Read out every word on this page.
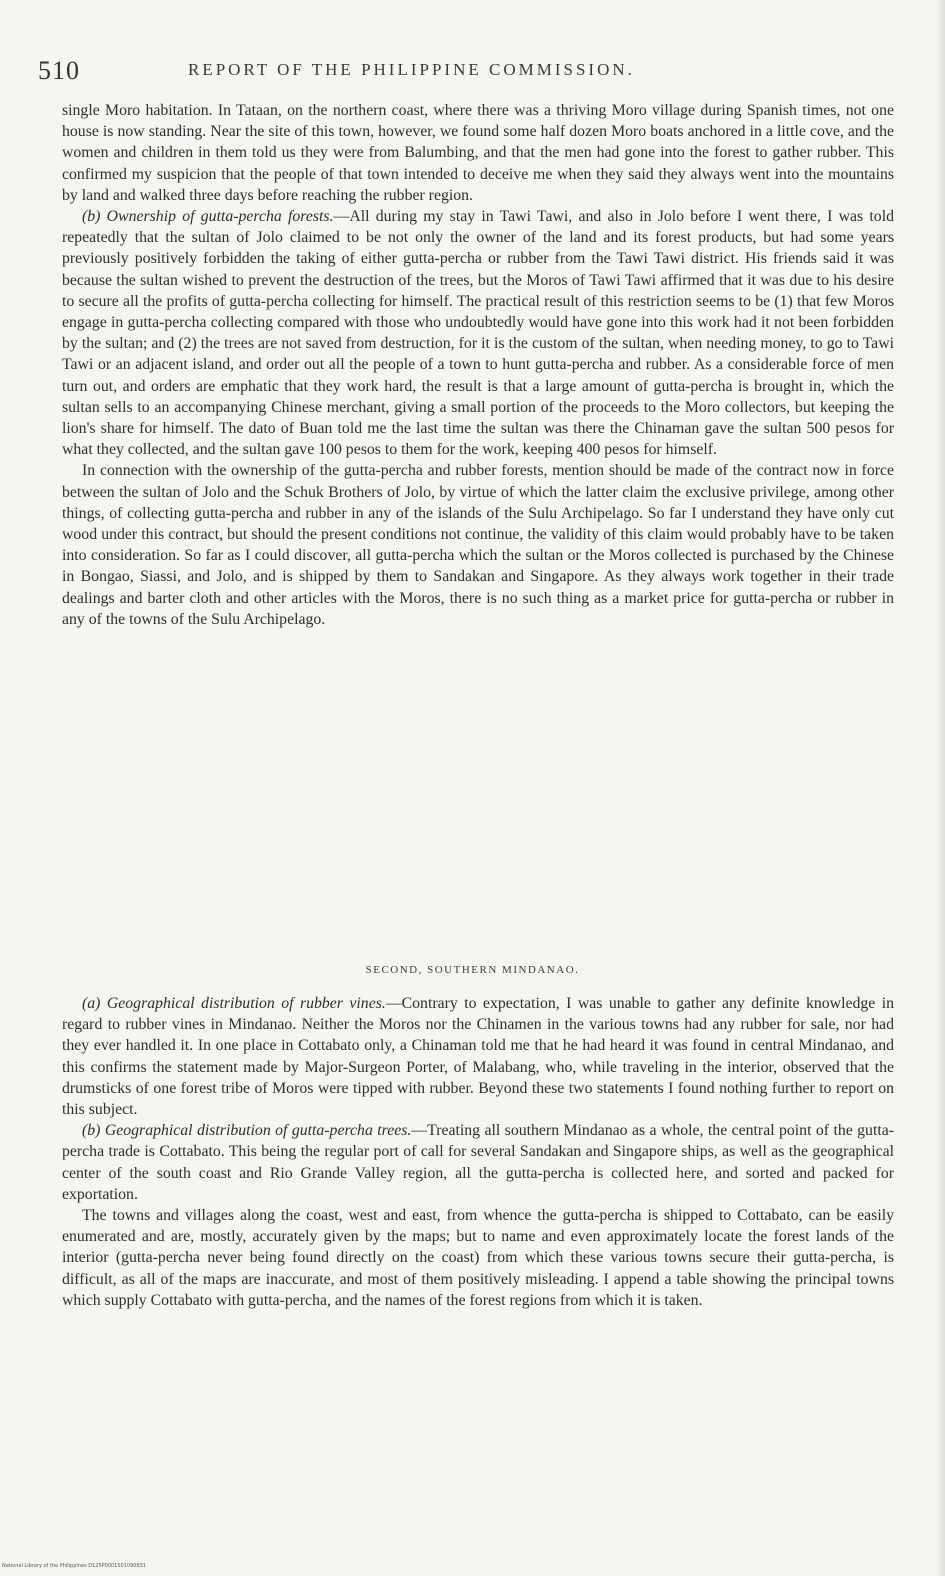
510	REPORT OF THE PHILIPPINE COMMISSION.

single Moro habitation. In Tataan, on the northern coast, where there was a thriving Moro village during Spanish times, not one house is now standing. Near the site of this town, however, we found some half dozen Moro boats anchored in a little cove, and the women and children in them told us they were from Balumbing, and that the men had gone into the forest to gather rubber. This confirmed my suspicion that the people of that town intended to deceive me when they said they always went into the mountains by land and walked three days before reaching the rubber region.

(b) Ownership of gutta-percha forests.—All during my stay in Tawi Tawi, and also in Jolo before I went there, I was told repeatedly that the sultan of Jolo claimed to be not only the owner of the land and its forest products, but had some years previously positively forbidden the taking of either gutta-percha or rubber from the Tawi Tawi district. His friends said it was because the sultan wished to prevent the destruction of the trees, but the Moros of Tawi Tawi affirmed that it was due to his desire to secure all the profits of gutta-percha collecting for himself. The practical result of this restriction seems to be (1) that few Moros engage in gutta-percha collecting compared with those who undoubtedly would have gone into this work had it not been forbidden by the sultan; and (2) the trees are not saved from destruction, for it is the custom of the sultan, when needing money, to go to Tawi Tawi or an adjacent island, and order out all the people of a town to hunt gutta-percha and rubber. As a considerable force of men turn out, and orders are emphatic that they work hard, the result is that a large amount of gutta-percha is brought in, which the sultan sells to an accompanying Chinese merchant, giving a small portion of the proceeds to the Moro collectors, but keeping the lion's share for himself. The dato of Buan told me the last time the sultan was there the Chinaman gave the sultan 500 pesos for what they collected, and the sultan gave 100 pesos to them for the work, keeping 400 pesos for himself.

In connection with the ownership of the gutta-percha and rubber forests, mention should be made of the contract now in force between the sultan of Jolo and the Schuk Brothers of Jolo, by virtue of which the latter claim the exclusive privilege, among other things, of collecting gutta-percha and rubber in any of the islands of the Sulu Archipelago. So far I understand they have only cut wood under this contract, but should the present conditions not continue, the validity of this claim would probably have to be taken into consideration. So far as I could discover, all gutta-percha which the sultan or the Moros collected is purchased by the Chinese in Bongao, Siassi, and Jolo, and is shipped by them to Sandakan and Singapore. As they always work together in their trade dealings and barter cloth and other articles with the Moros, there is no such thing as a market price for gutta-percha or rubber in any of the towns of the Sulu Archipelago.

SECOND, SOUTHERN MINDANAO.

(a) Geographical distribution of rubber vines.—Contrary to expectation, I was unable to gather any definite knowledge in regard to rubber vines in Mindanao. Neither the Moros nor the Chinamen in the various towns had any rubber for sale, nor had they ever handled it. In one place in Cottabato only, a Chinaman told me that he had heard it was found in central Mindanao, and this confirms the statement made by Major-Surgeon Porter, of Malabang, who, while traveling in the interior, observed that the drumsticks of one forest tribe of Moros were tipped with rubber. Beyond these two statements I found nothing further to report on this subject.

(b) Geographical distribution of gutta-percha trees.—Treating all southern Mindanao as a whole, the central point of the gutta-percha trade is Cottabato. This being the regular port of call for several Sandakan and Singapore ships, as well as the geographical center of the south coast and Rio Grande Valley region, all the gutta-percha is collected here, and sorted and packed for exportation.

The towns and villages along the coast, west and east, from whence the gutta-percha is shipped to Cottabato, can be easily enumerated and are, mostly, accurately given by the maps; but to name and even approximately locate the forest lands of the interior (gutta-percha never being found directly on the coast) from which these various towns secure their gutta-percha, is difficult, as all of the maps are inaccurate, and most of them positively misleading. I append a table showing the principal towns which supply Cottabato with gutta-percha, and the names of the forest regions from which it is taken.

National Library of the Philippines D125P0001501090831
